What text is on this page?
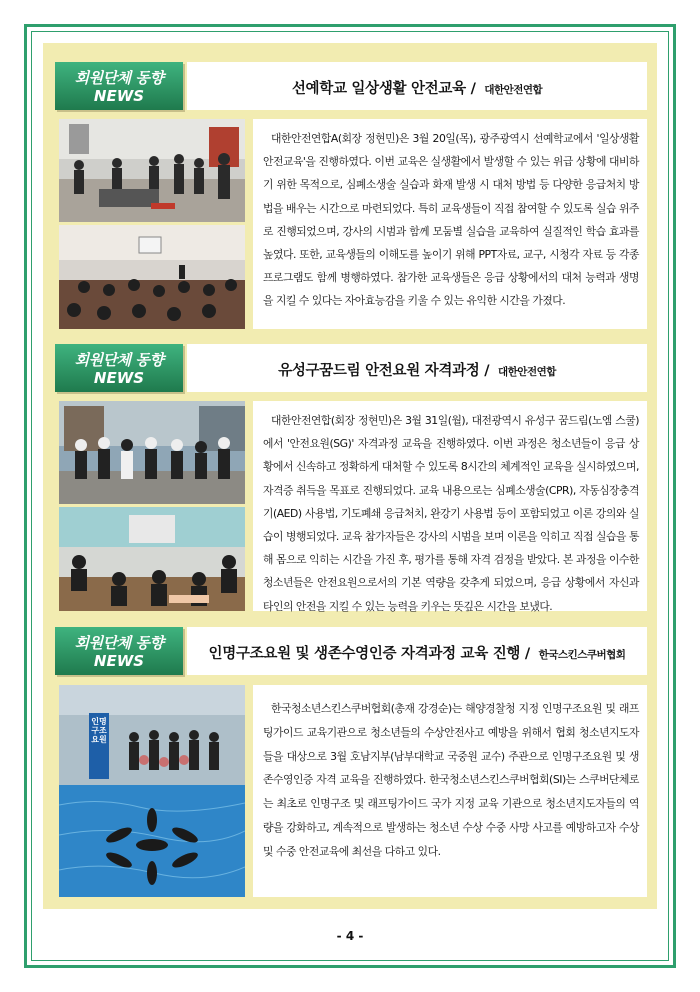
회원단체 동향
NEWS	선예학교 일상생활 안전교육 / 대한안전연합

대한안전연합A(회장 정현민)은 3월 20일(목), 광주광역시 선예학교에서 '일상생활 안전교육'을 진행하였다. 이번 교육은 실생활에서 발생할 수 있는 위급 상황에 대비하기 위한 목적으로, 심폐소생술 실습과 화재 발생 시 대처 방법 등 다양한 응급처치 방법을 배우는 시간으로 마련되었다. 특히 교육생들이 직접 참여할 수 있도록 실습 위주로 진행되었으며, 강사의 시범과 함께 모둠별 실습을 교육하여 실질적인 학습 효과를 높였다. 또한, 교육생들의 이해도를 높이기 위해 PPT자료, 교구, 시청각 자료 등 각종 프로그램도 함께 병행하였다. 참가한 교육생들은 응급 상황에서의 대처 능력과 생명을 지킬 수 있다는 자아효능감을 키울 수 있는 유익한 시간을 가졌다.

회원단체 동향
NEWS	유성구꿈드림 안전요원 자격과정 / 대한안전연합

대한안전연합(회장 정현민)은 3월 31일(월), 대전광역시 유성구 꿈드림(노엠 스쿨)에서 '안전요원(SG)' 자격과정 교육을 진행하였다. 이번 과정은 청소년들이 응급 상황에서 신속하고 정확하게 대처할 수 있도록 8시간의 체계적인 교육을 실시하였으며, 자격증 취득을 목표로 진행되었다. 교육 내용으로는 심폐소생술(CPR), 자동심장충격기(AED) 사용법, 기도폐쇄 응급처치, 완강기 사용법 등이 포함되었고 이론 강의와 실습이 병행되었다. 교육 참가자들은 강사의 시범을 보며 이론을 익히고 직접 실습을 통해 몸으로 익히는 시간을 가진 후, 평가를 통해 자격 검정을 받았다. 본 과정을 이수한 청소년들은 안전요원으로서의 기본 역량을 갖추게 되었으며, 응급 상황에서 자신과 타인의 안전을 지킬 수 있는 능력을 키우는 뜻깊은 시간을 보냈다.

회원단체 동향
NEWS	인명구조요원 및 생존수영인증 자격과정 교육 진행 / 한국스킨스쿠버협회
인명구조요원

한국청소년스킨스쿠버협회(총재 강경순)는 해양경찰청 지정 인명구조요원 및 래프팅가이드 교육기관으로 청소년들의 수상안전사고 예방을 위해서 협회 청소년지도자들을 대상으로 3월 호남지부(남부대학교 국중원 교수) 주관으로 인명구조요원 및 생존수영인증 자격 교육을 진행하였다. 한국청소년스킨스쿠버협회(SI)는 스쿠버단체로는 최초로 인명구조 및 래프팅가이드 국가 지정 교육 기관으로 청소년지도자들의 역량을 강화하고, 계속적으로 발생하는 청소년 수상 수중 사망 사고를 예방하고자 수상 및 수중 안전교육에 최선을 다하고 있다.

- 4 -
